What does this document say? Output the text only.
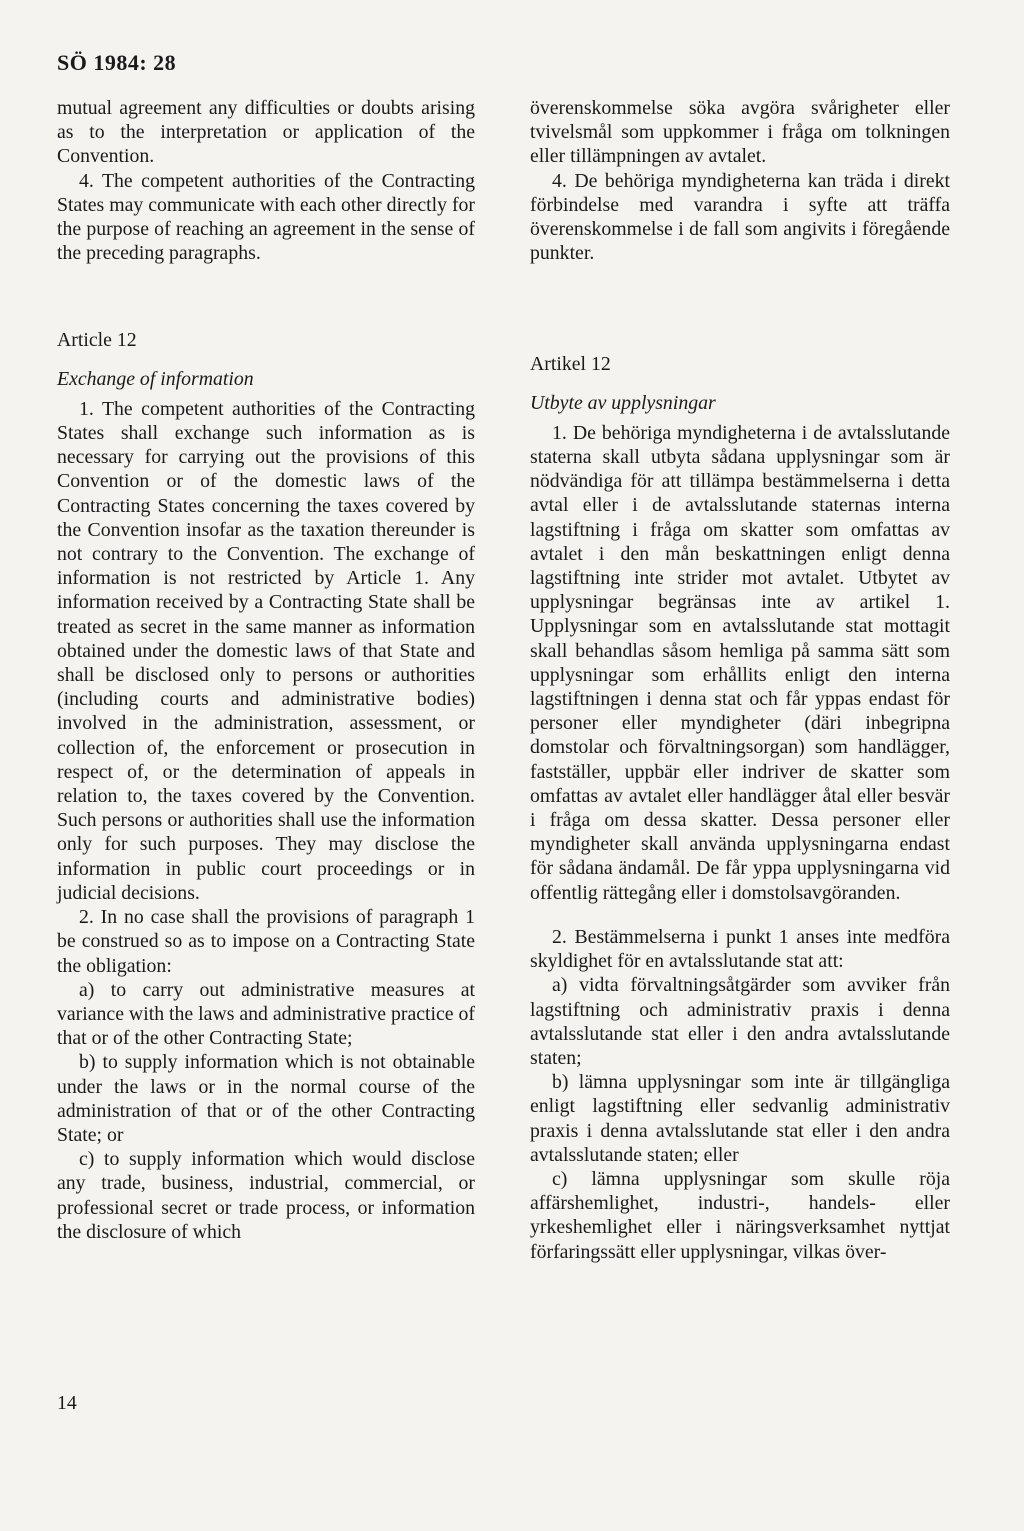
SÖ 1984: 28

mutual agreement any difficulties or doubts arising as to the interpretation or application of the Convention.

4. The competent authorities of the Contracting States may communicate with each other directly for the purpose of reaching an agreement in the sense of the preceding paragraphs.

Article 12
Exchange of information

1. The competent authorities of the Contracting States shall exchange such information as is necessary for carrying out the provisions of this Convention or of the domestic laws of the Contracting States concerning the taxes covered by the Convention insofar as the taxation thereunder is not contrary to the Convention. The exchange of information is not restricted by Article 1. Any information received by a Contracting State shall be treated as secret in the same manner as information obtained under the domestic laws of that State and shall be disclosed only to persons or authorities (including courts and administrative bodies) involved in the administration, assessment, or collection of, the enforcement or prosecution in respect of, or the determination of appeals in relation to, the taxes covered by the Convention. Such persons or authorities shall use the information only for such purposes. They may disclose the information in public court proceedings or in judicial decisions.

2. In no case shall the provisions of paragraph 1 be construed so as to impose on a Contracting State the obligation:

a) to carry out administrative measures at variance with the laws and administrative practice of that or of the other Contracting State;

b) to supply information which is not obtainable under the laws or in the normal course of the administration of that or of the other Contracting State; or

c) to supply information which would disclose any trade, business, industrial, commercial, or professional secret or trade process, or information the disclosure of which

överenskommelse söka avgöra svårigheter eller tvivelsmål som uppkommer i fråga om tolkningen eller tillämpningen av avtalet.

4. De behöriga myndigheterna kan träda i direkt förbindelse med varandra i syfte att träffa överenskommelse i de fall som angivits i föregående punkter.

Artikel 12
Utbyte av upplysningar

1. De behöriga myndigheterna i de avtalsslutande staterna skall utbyta sådana upplysningar som är nödvändiga för att tillämpa bestämmelserna i detta avtal eller i de avtalsslutande staternas interna lagstiftning i fråga om skatter som omfattas av avtalet i den mån beskattningen enligt denna lagstiftning inte strider mot avtalet. Utbytet av upplysningar begränsas inte av artikel 1. Upplysningar som en avtalsslutande stat mottagit skall behandlas såsom hemliga på samma sätt som upplysningar som erhållits enligt den interna lagstiftningen i denna stat och får yppas endast för personer eller myndigheter (däri inbegripna domstolar och förvaltningsorgan) som handlägger, fastställer, uppbär eller indriver de skatter som omfattas av avtalet eller handlägger åtal eller besvär i fråga om dessa skatter. Dessa personer eller myndigheter skall använda upplysningarna endast för sådana ändamål. De får yppa upplysningarna vid offentlig rättegång eller i domstolsavgöranden.

2. Bestämmelserna i punkt 1 anses inte medföra skyldighet för en avtalsslutande stat att:

a) vidta förvaltningsåtgärder som avviker från lagstiftning och administrativ praxis i denna avtalsslutande stat eller i den andra avtalsslutande staten;

b) lämna upplysningar som inte är tillgängliga enligt lagstiftning eller sedvanlig administrativ praxis i denna avtalsslutande stat eller i den andra avtalsslutande staten; eller

c) lämna upplysningar som skulle röja affärshemlighet, industri-, handels- eller yrkeshemlighet eller i näringsverksamhet nyttjat förfaringssätt eller upplysningar, vilkas över-

14
